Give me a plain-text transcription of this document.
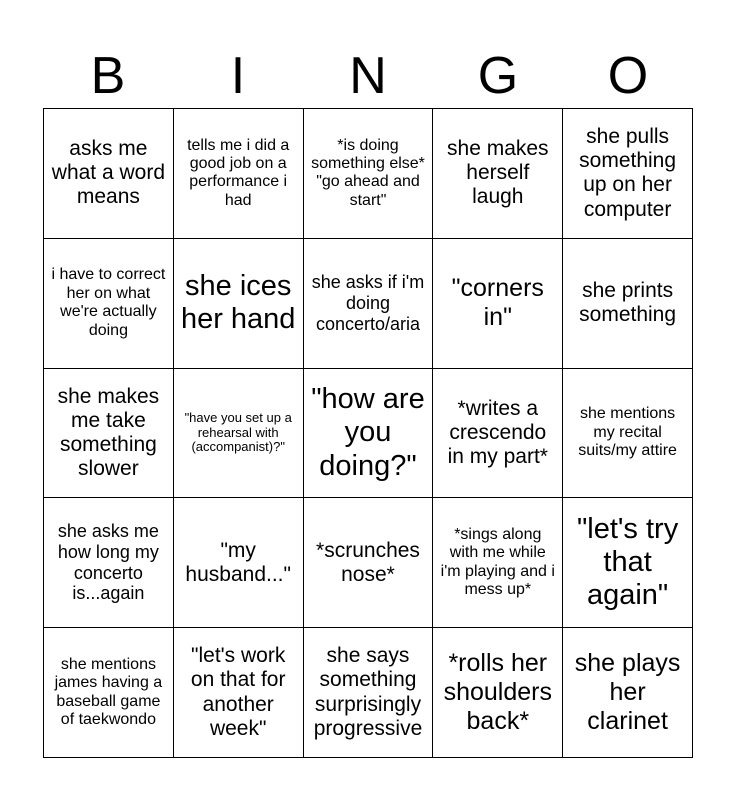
B	I	N	G	O
asks me what a word means
tells me i did a good job on a performance i had
*is doing something else*
"go ahead and start"
she makes herself laugh
she pulls something up on her computer
i have to correct her on what we're actually doing
she ices her hand
she asks if i'm doing concerto/aria
"corners in"
she prints something
she makes me take something slower
"have you set up a rehearsal with (accompanist)?"
"how are you doing?"
*writes a crescendo in my part*
she mentions my recital suits/my attire
she asks me how long my concerto is...again
"my husband..."
*scrunches nose*
*sings along with me while i'm playing and i mess up*
"let's try that again"
she mentions james having a baseball game of taekwondo
"let's work on that for another week"
she says something surprisingly progressive
*rolls her shoulders back*
she plays her clarinet
